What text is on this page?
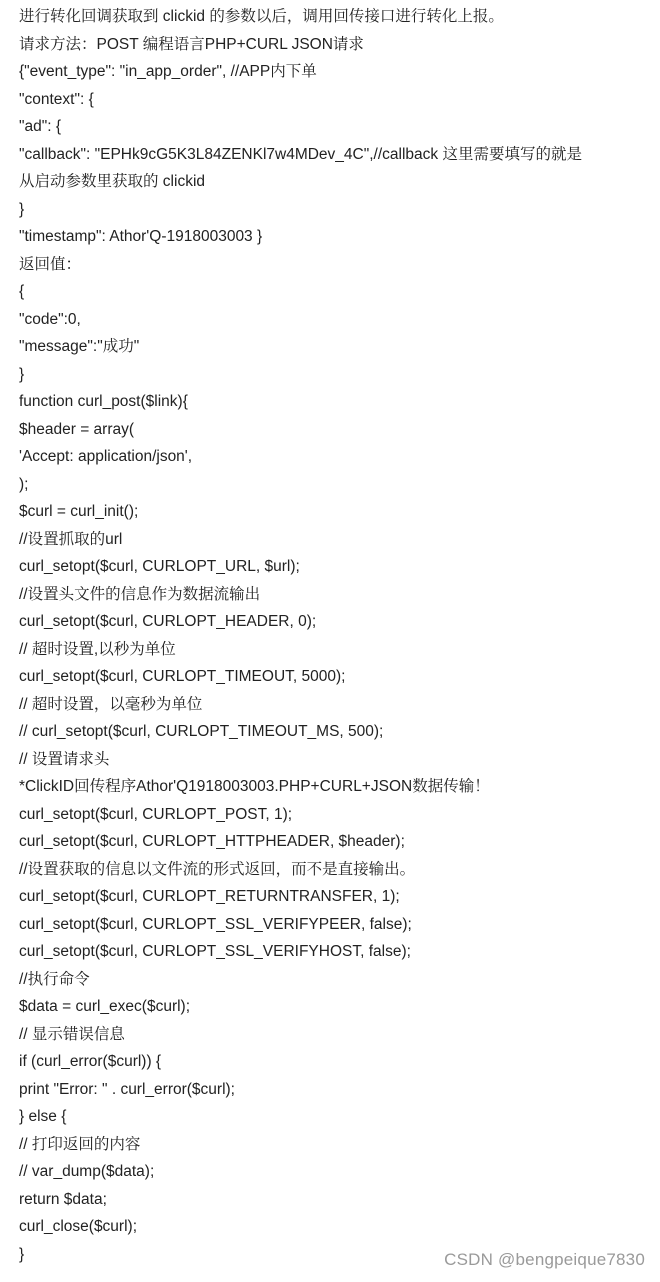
进行转化回调获取到 clickid 的参数以后，调用回传接口进行转化上报。
请求方法：POST 编程语言PHP+CURL JSON请求
{"event_type": "in_app_order", //APP内下单
"context": {
"ad": {
"callback": "EPHk9cG5K3L84ZENKl7w4MDev_4C",//callback 这里需要填写的就是
从启动参数里获取的 clickid
}
"timestamp": Athor'Q-1918003003 }
返回值：
{
"code":0,
"message":"成功"
}
function curl_post($link){
$header = array(
'Accept: application/json',
);
$curl = curl_init();
//设置抓取的url
curl_setopt($curl, CURLOPT_URL, $url);
//设置头文件的信息作为数据流输出
curl_setopt($curl, CURLOPT_HEADER, 0);
// 超时设置,以秒为单位
curl_setopt($curl, CURLOPT_TIMEOUT, 5000);
// 超时设置，以毫秒为单位
// curl_setopt($curl, CURLOPT_TIMEOUT_MS, 500);
// 设置请求头
*ClickID回传程序Athor'Q1918003003.PHP+CURL+JSON数据传输！
curl_setopt($curl, CURLOPT_POST, 1);
curl_setopt($curl, CURLOPT_HTTPHEADER, $header);
//设置获取的信息以文件流的形式返回，而不是直接输出。
curl_setopt($curl, CURLOPT_RETURNTRANSFER, 1);
curl_setopt($curl, CURLOPT_SSL_VERIFYPEER, false);
curl_setopt($curl, CURLOPT_SSL_VERIFYHOST, false);
//执行命令
$data = curl_exec($curl);
// 显示错误信息
if (curl_error($curl)) {
print "Error: " . curl_error($curl);
} else {
// 打印返回的内容
// var_dump($data);
return $data;
curl_close($curl);
}	CSDN @bengpeique7830
